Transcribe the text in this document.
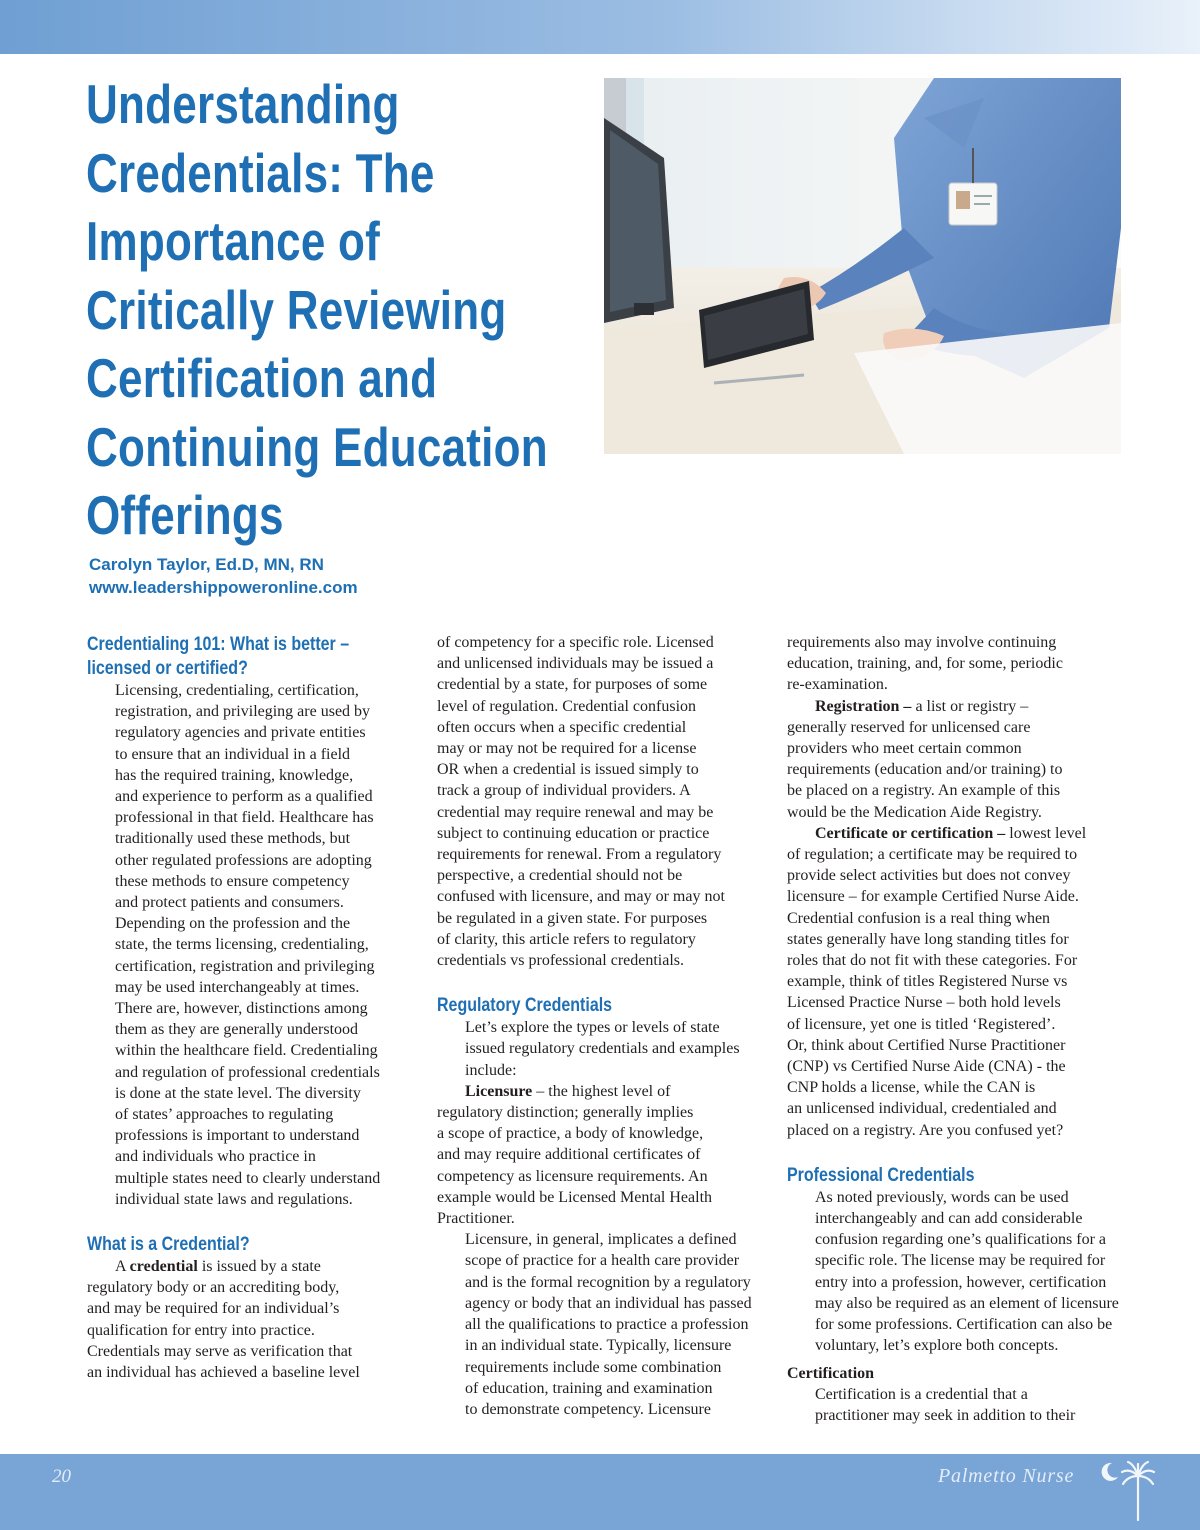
Understanding
Credentials: The
Importance of
Critically Reviewing
Certification and
Continuing Education
Offerings
Carolyn Taylor, Ed.D, MN, RN
www.leadershippoweronline.com
Credentialing 101: What is better –
licensed or certified?

Licensing, credentialing, certification,
registration, and privileging are used by
regulatory agencies and private entities
to ensure that an individual in a field
has the required training, knowledge,
and experience to perform as a qualified
professional in that field. Healthcare has
traditionally used these methods, but
other regulated professions are adopting
these methods to ensure competency
and protect patients and consumers.
Depending on the profession and the
state, the terms licensing, credentialing,
certification, registration and privileging
may be used interchangeably at times.
There are, however, distinctions among
them as they are generally understood
within the healthcare field. Credentialing
and regulation of professional credentials
is done at the state level. The diversity
of states’ approaches to regulating
professions is important to understand
and individuals who practice in
multiple states need to clearly understand
individual state laws and regulations.

What is a Credential?

A credential is issued by a state
regulatory body or an accrediting body,
and may be required for an individual’s
qualification for entry into practice.
Credentials may serve as verification that
an individual has achieved a baseline level

of competency for a specific role. Licensed
and unlicensed individuals may be issued a
credential by a state, for purposes of some
level of regulation. Credential confusion
often occurs when a specific credential
may or may not be required for a license
OR when a credential is issued simply to
track a group of individual providers. A
credential may require renewal and may be
subject to continuing education or practice
requirements for renewal. From a regulatory
perspective, a credential should not be
confused with licensure, and may or may not
be regulated in a given state. For purposes
of clarity, this article refers to regulatory
credentials vs professional credentials.

Regulatory Credentials

Let’s explore the types or levels of state
issued regulatory credentials and examples
include:

Licensure – the highest level of
regulatory distinction; generally implies
a scope of practice, a body of knowledge,
and may require additional certificates of
competency as licensure requirements. An
example would be Licensed Mental Health
Practitioner.

Licensure, in general, implicates a defined
scope of practice for a health care provider
and is the formal recognition by a regulatory
agency or body that an individual has passed
all the qualifications to practice a profession
in an individual state. Typically, licensure
requirements include some combination
of education, training and examination
to demonstrate competency. Licensure

requirements also may involve continuing
education, training, and, for some, periodic
re-examination.

Registration – a list or registry –
generally reserved for unlicensed care
providers who meet certain common
requirements (education and/or training) to
be placed on a registry. An example of this
would be the Medication Aide Registry.

Certificate or certification – lowest level
of regulation; a certificate may be required to
provide select activities but does not convey
licensure – for example Certified Nurse Aide.
Credential confusion is a real thing when
states generally have long standing titles for
roles that do not fit with these categories. For
example, think of titles Registered Nurse vs
Licensed Practice Nurse – both hold levels
of licensure, yet one is titled ‘Registered’.
Or, think about Certified Nurse Practitioner
(CNP) vs Certified Nurse Aide (CNA) - the
CNP holds a license, while the CAN is
an unlicensed individual, credentialed and
placed on a registry. Are you confused yet?

Professional Credentials

As noted previously, words can be used
interchangeably and can add considerable
confusion regarding one’s qualifications for a
specific role. The license may be required for
entry into a profession, however, certification
may also be required as an element of licensure
for some professions. Certification can also be
voluntary, let’s explore both concepts.

Certification

Certification is a credential that a
practitioner may seek in addition to their

20	Palmetto Nurse
